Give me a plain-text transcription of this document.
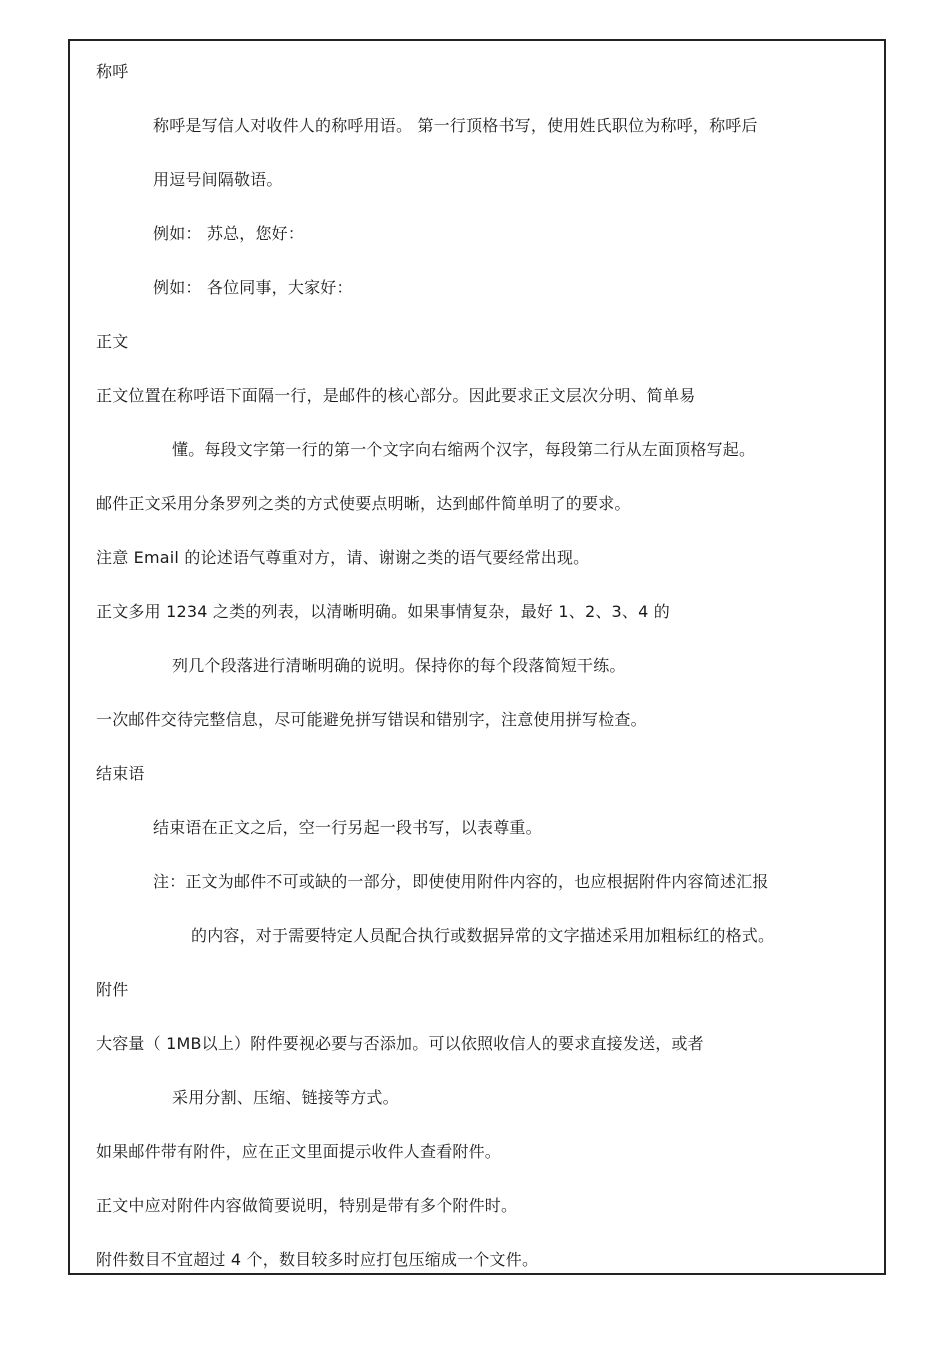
称呼
称呼是写信人对收件人的称呼用语。 第一行顶格书写，使用姓氏职位为称呼，称呼后
用逗号间隔敬语。
例如： 苏总，您好：
例如： 各位同事，大家好：
正文
正文位置在称呼语下面隔一行，是邮件的核心部分。因此要求正文层次分明、简单易
懂。每段文字第一行的第一个文字向右缩两个汉字，每段第二行从左面顶格写起。
邮件正文采用分条罗列之类的方式使要点明晰，达到邮件简单明了的要求。
注意 Email 的论述语气尊重对方，请、谢谢之类的语气要经常出现。
正文多用 1234 之类的列表，以清晰明确。如果事情复杂，最好 1、2、3、4 的
列几个段落进行清晰明确的说明。保持你的每个段落简短干练。
一次邮件交待完整信息，尽可能避免拼写错误和错别字，注意使用拼写检查。
结束语
结束语在正文之后，空一行另起一段书写，以表尊重。
注：正文为邮件不可或缺的一部分，即使使用附件内容的，也应根据附件内容简述汇报
的内容，对于需要特定人员配合执行或数据异常的文字描述采用加粗标红的格式。
附件
大容量（ 1MB以上）附件要视必要与否添加。可以依照收信人的要求直接发送，或者
采用分割、压缩、链接等方式。
如果邮件带有附件，应在正文里面提示收件人查看附件。
正文中应对附件内容做简要说明，特别是带有多个附件时。
附件数目不宜超过 4 个，数目较多时应打包压缩成一个文件。
